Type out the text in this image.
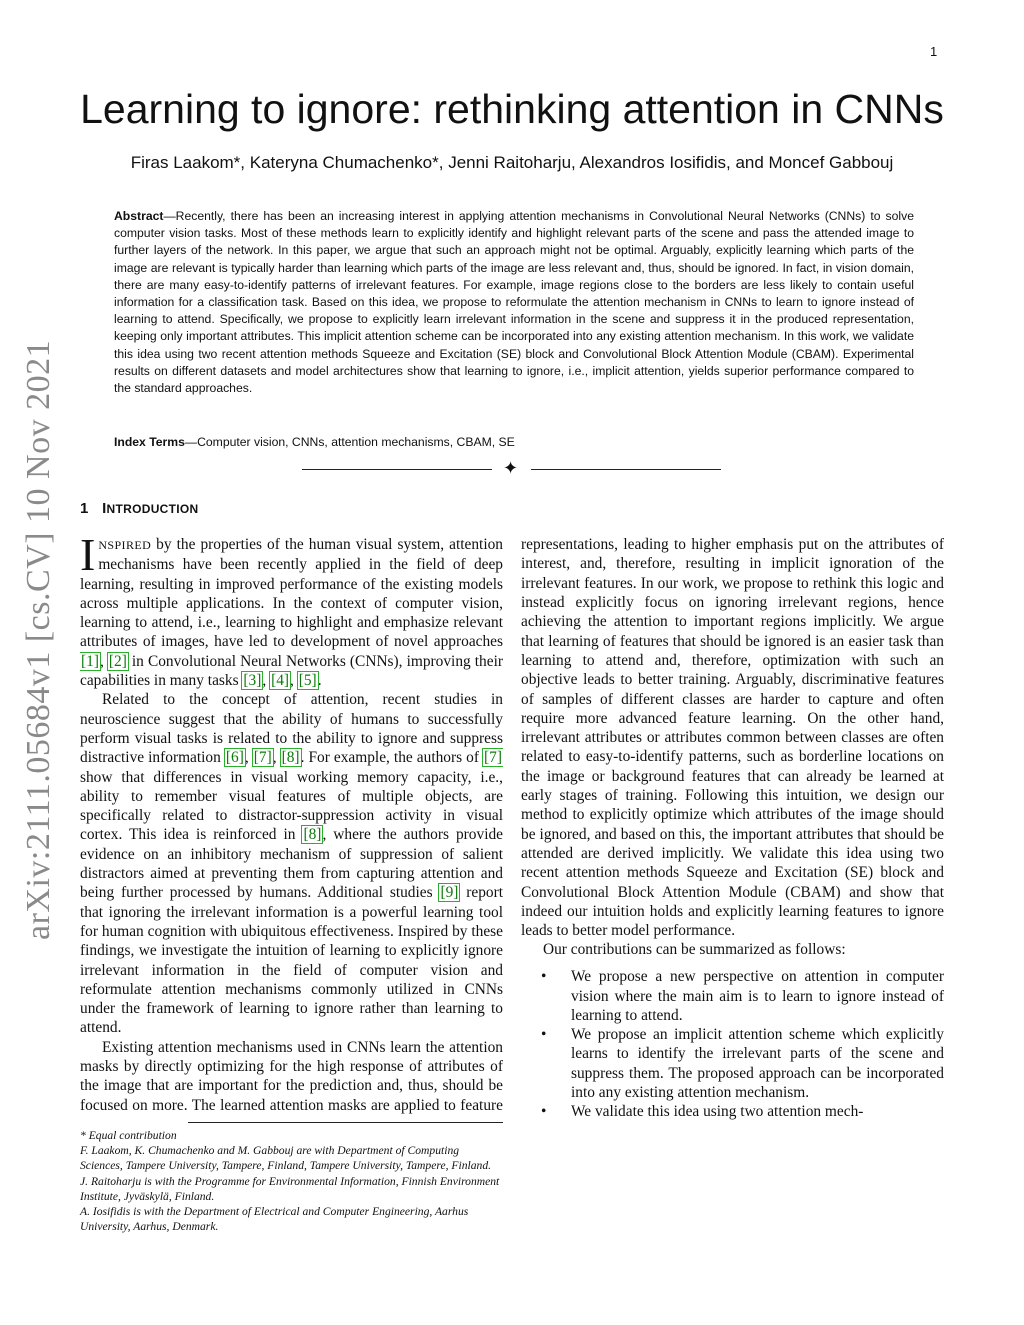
1
arXiv:2111.05684v1 [cs.CV] 10 Nov 2021
Learning to ignore: rethinking attention in CNNs
Firas Laakom*, Kateryna Chumachenko*, Jenni Raitoharju, Alexandros Iosifidis, and Moncef Gabbouj
Abstract—Recently, there has been an increasing interest in applying attention mechanisms in Convolutional Neural Networks (CNNs) to solve computer vision tasks. Most of these methods learn to explicitly identify and highlight relevant parts of the scene and pass the attended image to further layers of the network. In this paper, we argue that such an approach might not be optimal. Arguably, explicitly learning which parts of the image are relevant is typically harder than learning which parts of the image are less relevant and, thus, should be ignored. In fact, in vision domain, there are many easy-to-identify patterns of irrelevant features. For example, image regions close to the borders are less likely to contain useful information for a classification task. Based on this idea, we propose to reformulate the attention mechanism in CNNs to learn to ignore instead of learning to attend. Specifically, we propose to explicitly learn irrelevant information in the scene and suppress it in the produced representation, keeping only important attributes. This implicit attention scheme can be incorporated into any existing attention mechanism. In this work, we validate this idea using two recent attention methods Squeeze and Excitation (SE) block and Convolutional Block Attention Module (CBAM). Experimental results on different datasets and model architectures show that learning to ignore, i.e., implicit attention, yields superior performance compared to the standard approaches.
Index Terms—Computer vision, CNNs, attention mechanisms, CBAM, SE
✦
1 INTRODUCTION

INSPIRED by the properties of the human visual system, attention mechanisms have been recently applied in the field of deep learning, resulting in improved performance of the existing models across multiple applications. In the context of computer vision, learning to attend, i.e., learning to highlight and emphasize relevant attributes of images, have led to development of novel approaches [1], [2] in Convolutional Neural Networks (CNNs), improving their capabilities in many tasks [3], [4], [5].

Related to the concept of attention, recent studies in neuroscience suggest that the ability of humans to successfully perform visual tasks is related to the ability to ignore and suppress distractive information [6], [7], [8]. For example, the authors of [7] show that differences in visual working memory capacity, i.e., ability to remember visual features of multiple objects, are specifically related to distractor-suppression activity in visual cortex. This idea is reinforced in [8], where the authors provide evidence on an inhibitory mechanism of suppression of salient distractors aimed at preventing them from capturing attention and being further processed by humans. Additional studies [9] report that ignoring the irrelevant information is a powerful learning tool for human cognition with ubiquitous effectiveness. Inspired by these findings, we investigate the intuition of learning to explicitly ignore irrelevant information in the field of computer vision and reformulate attention mechanisms commonly utilized in CNNs under the framework of learning to ignore rather than learning to attend.

Existing attention mechanisms used in CNNs learn the attention masks by directly optimizing for the high response of attributes of the image that are important for the prediction and, thus, should be focused on more. The learned attention masks are applied to feature

* Equal contribution
F. Laakom, K. Chumachenko and M. Gabbouj are with Department of Computing Sciences, Tampere University, Tampere, Finland, Tampere University, Tampere, Finland.
J. Raitoharju is with the Programme for Environmental Information, Finnish Environment Institute, Jyväskylä, Finland.
A. Iosifidis is with the Department of Electrical and Computer Engineering, Aarhus University, Aarhus, Denmark.

representations, leading to higher emphasis put on the attributes of interest, and, therefore, resulting in implicit ignoration of the irrelevant features. In our work, we propose to rethink this logic and instead explicitly focus on ignoring irrelevant regions, hence achieving the attention to important regions implicitly. We argue that learning of features that should be ignored is an easier task than learning to attend and, therefore, optimization with such an objective leads to better training. Arguably, discriminative features of samples of different classes are harder to capture and often require more advanced feature learning. On the other hand, irrelevant attributes or attributes common between classes are often related to easy-to-identify patterns, such as borderline locations on the image or background features that can already be learned at early stages of training. Following this intuition, we design our method to explicitly optimize which attributes of the image should be ignored, and based on this, the important attributes that should be attended are derived implicitly. We validate this idea using two recent attention methods Squeeze and Excitation (SE) block and Convolutional Block Attention Module (CBAM) and show that indeed our intuition holds and explicitly learning features to ignore leads to better model performance.

Our contributions can be summarized as follows:

• We propose a new perspective on attention in computer vision where the main aim is to learn to ignore instead of learning to attend.
• We propose an implicit attention scheme which explicitly learns to identify the irrelevant parts of the scene and suppress them. The proposed approach can be incorporated into any existing attention mechanism.
• We validate this idea using two attention mech-
